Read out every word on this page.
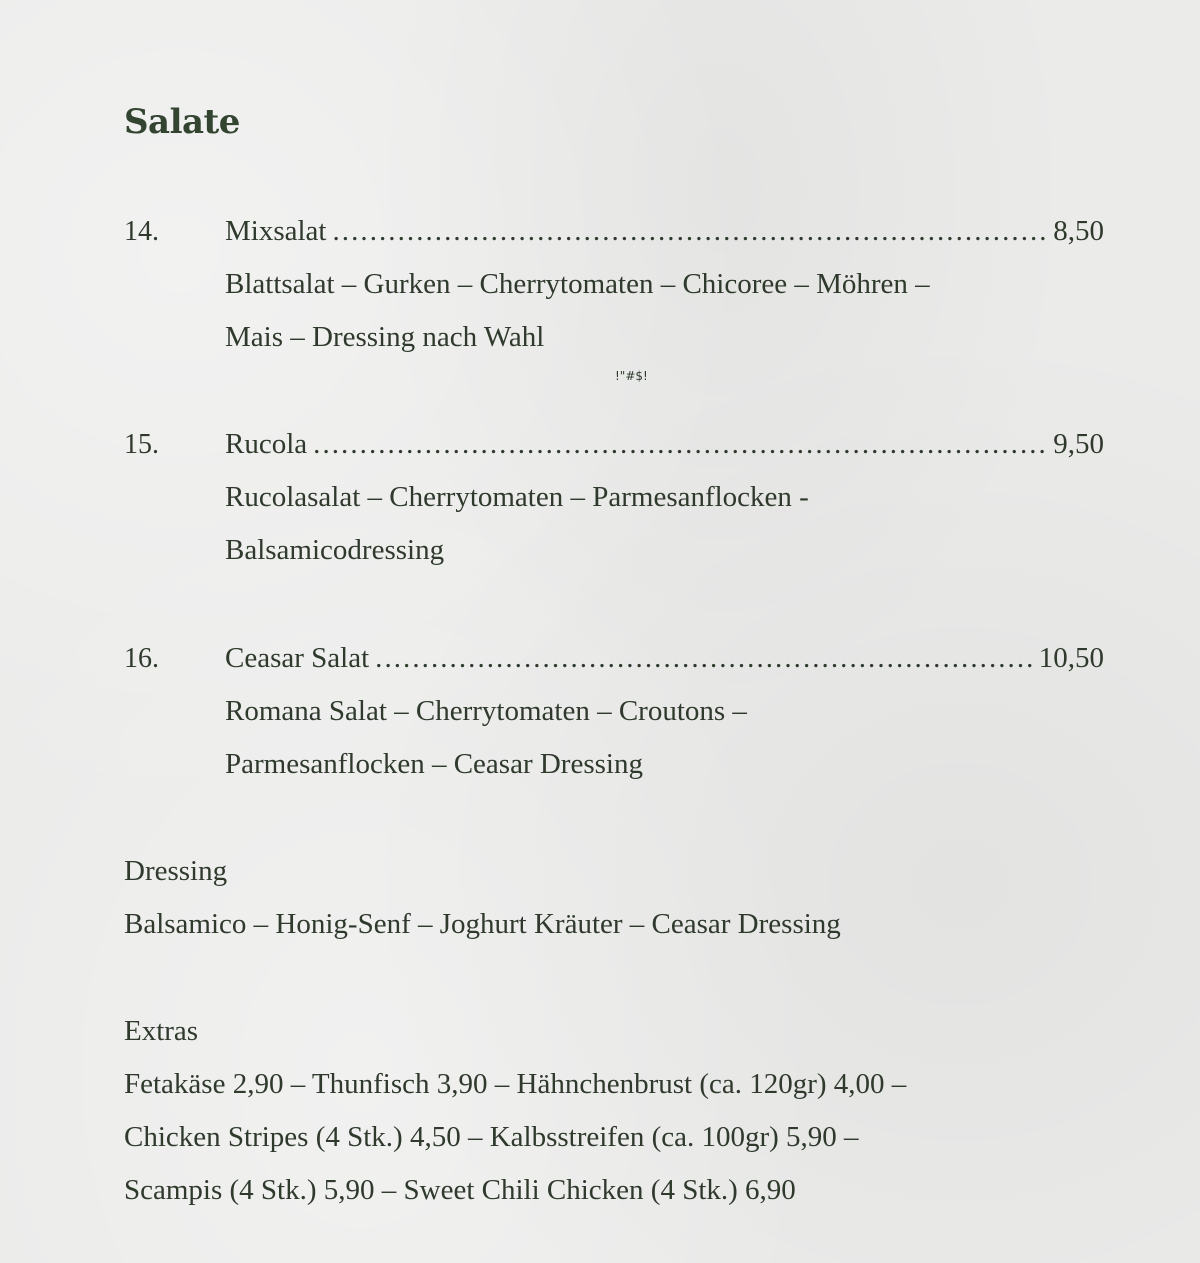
Salate
14. Mixsalat . . .	8,50
Blattsalat – Gurken – Cherrytomaten – Chicoree – Möhren –
Mais – Dressing nach Wahl
!"#$!
15. Rucola . . .	9,50
Rucolasalat – Cherrytomaten – Parmesanflocken -
Balsamicodressing
16. Ceasar Salat . . .	10,50
Romana Salat – Cherrytomaten – Croutons –
Parmesanflocken – Ceasar Dressing
Dressing
Balsamico – Honig-Senf – Joghurt Kräuter – Ceasar Dressing
Extras
Fetakäse 2,90 – Thunfisch 3,90 – Hähnchenbrust (ca. 120gr) 4,00 –
Chicken Stripes (4 Stk.) 4,50 – Kalbsstreifen (ca. 100gr) 5,90 –
Scampis (4 Stk.) 5,90 – Sweet Chili Chicken (4 Stk.) 6,90
